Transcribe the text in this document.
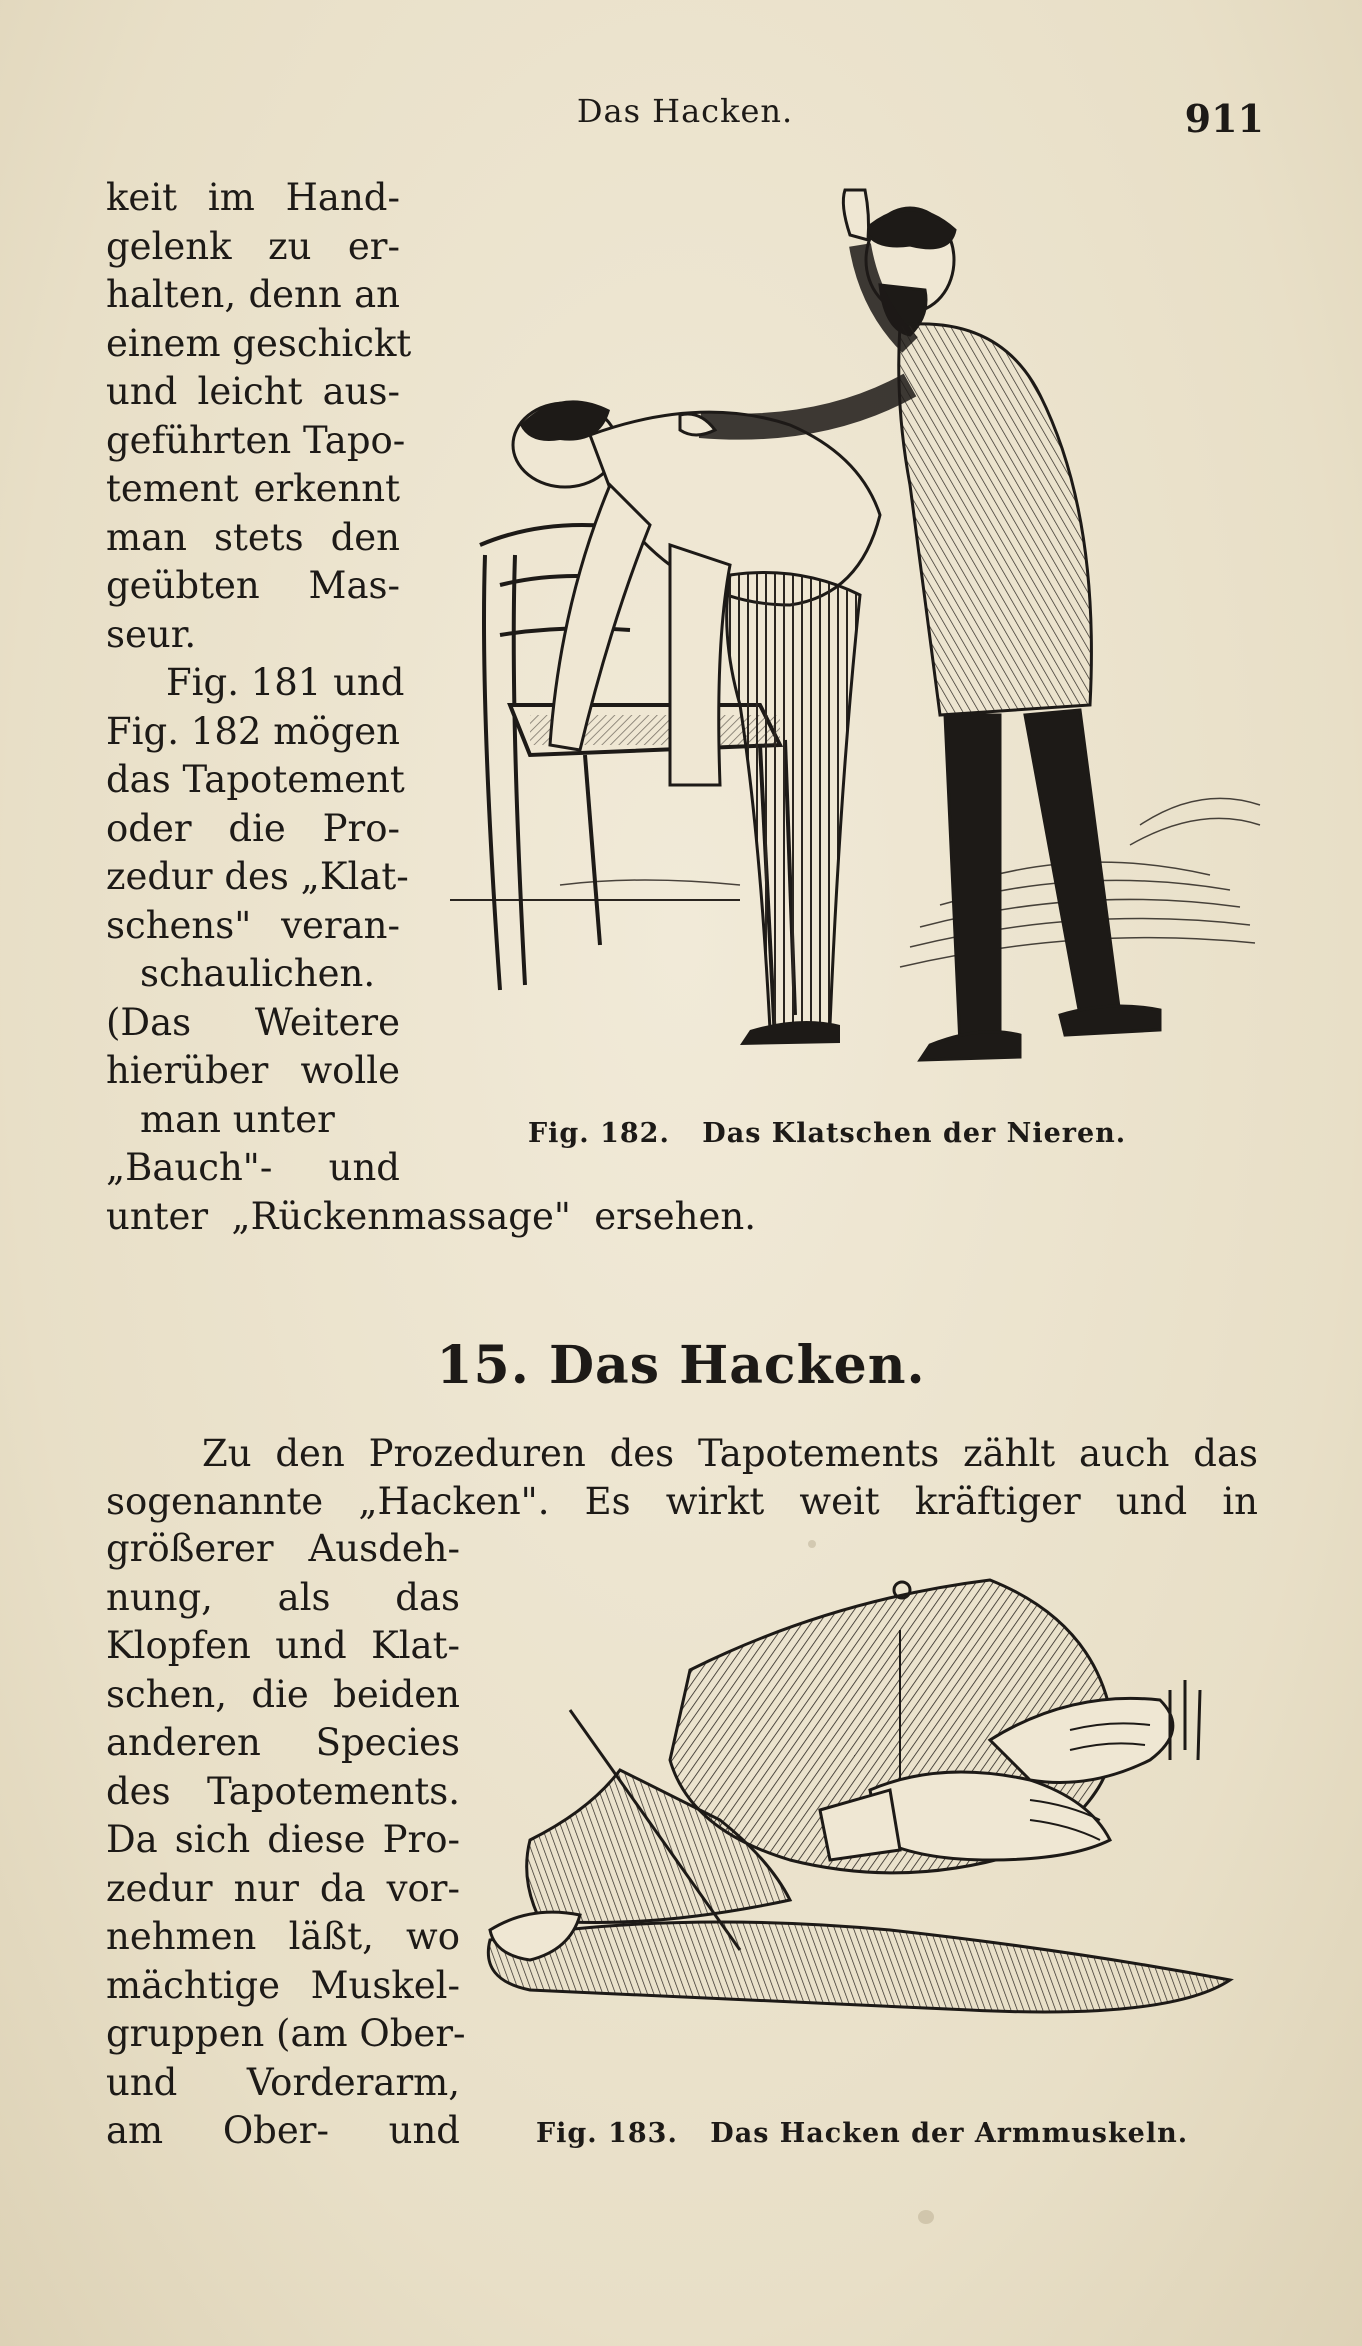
Das Hacken.	911
keit im Hand-
gelenk zu er-
halten, denn an
einem geschickt
und leicht aus-
geführten Tapo-
tement erkennt
man stets den
geübten Mas-
seur.
Fig. 181 und
Fig. 182 mögen
das Tapotement
oder die Pro-
zedur des „Klat-
schens" veran-
schaulichen.
(Das Weitere
hierüber wolle
man unter
„Bauch"- und
unter „Rückenmassage" ersehen.
Fig. 182. Das Klatschen der Nieren.
15. Das Hacken.
Zu den Prozeduren des Tapotements zählt auch das
sogenannte „Hacken". Es wirkt weit kräftiger und in
größerer Ausdeh-
nung, als das
Klopfen und Klat-
schen, die beiden
anderen Species
des Tapotements.
Da sich diese Pro-
zedur nur da vor-
nehmen läßt, wo
mächtige Muskel-
gruppen (am Ober-
und Vorderarm,
am Ober- und	Fig. 183. Das Hacken der Armmuskeln.
